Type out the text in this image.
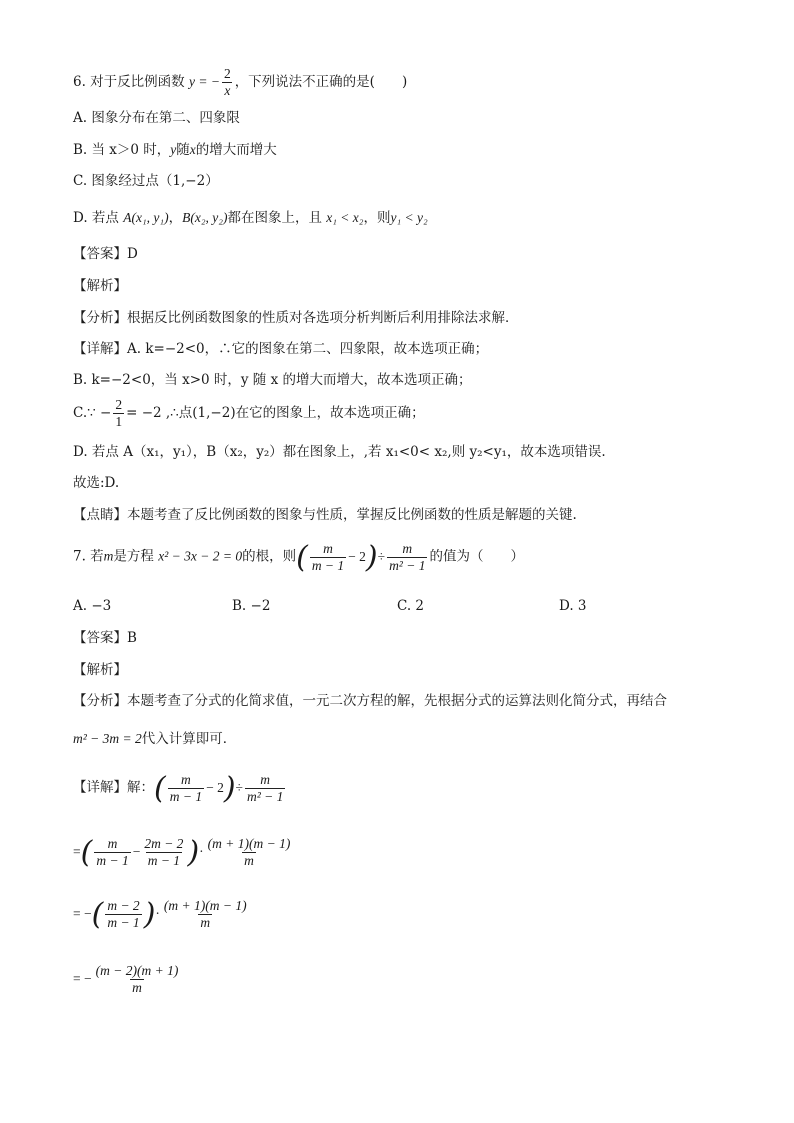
6. 对于反比例函数 y = − $\frac{2}{x}$ ，下列说法不正确的是(　　)
A. 图象分布在第二、四象限
B. 当 x＞0 时，y随x的增大而增大
C. 图象经过点（1,−2）
D. 若点 A(x₁, y₁)，B(x₂, y₂)都在图象上，且 x₁ < x₂，则y₁ < y₂
【答案】D
【解析】
【分析】根据反比例函数图象的性质对各选项分析判断后利用排除法求解．
【详解】A. k=−2<0，∴它的图象在第二、四象限，故本选项正确；
B. k=−2<0，当 x>0 时，y 随 x 的增大而增大，故本选项正确；
C.∵ − $\frac{2}{1} = -2$ ,∴点(1,−2)在它的图象上，故本选项正确；
D. 若点 A（x₁，y₁），B（x₂，y₂）都在图象上，,若 x₁<0< x₂,则 y₂<y₁，故本选项错误.
故选:D.
【点睛】本题考查了反比例函数的图象与性质，掌握反比例函数的性质是解题的关键.
7. 若m是方程 x² − 3x − 2 = 0的根，则( $\frac{m}{m - 1} - 2)\div \frac{m}{\text{m² − 1}}$ 的值为（　　）
A. −3	B. −2	C. 2	D. 3
【答案】B
【解析】
【分析】本题考查了分式的化简求值，一元二次方程的解，先根据分式的运算法则化简分式，再结合
m² − 3m = 2代入计算即可．
【详解】解：( $\frac{m}{m - 1} - 2)\div \frac{m}{\text{m² − 1}}$
=( $\frac{m}{m - 1} - \frac{2m - 2}{m - 1}$ )· $\frac{(m + 1)(m - 1)}{m}$
= −( $\frac{m - 2}{m - 1}$ )· $\frac{(m + 1)(m - 1)}{m}$
= − $\frac{(m - 2)(m + 1)}{m}$
